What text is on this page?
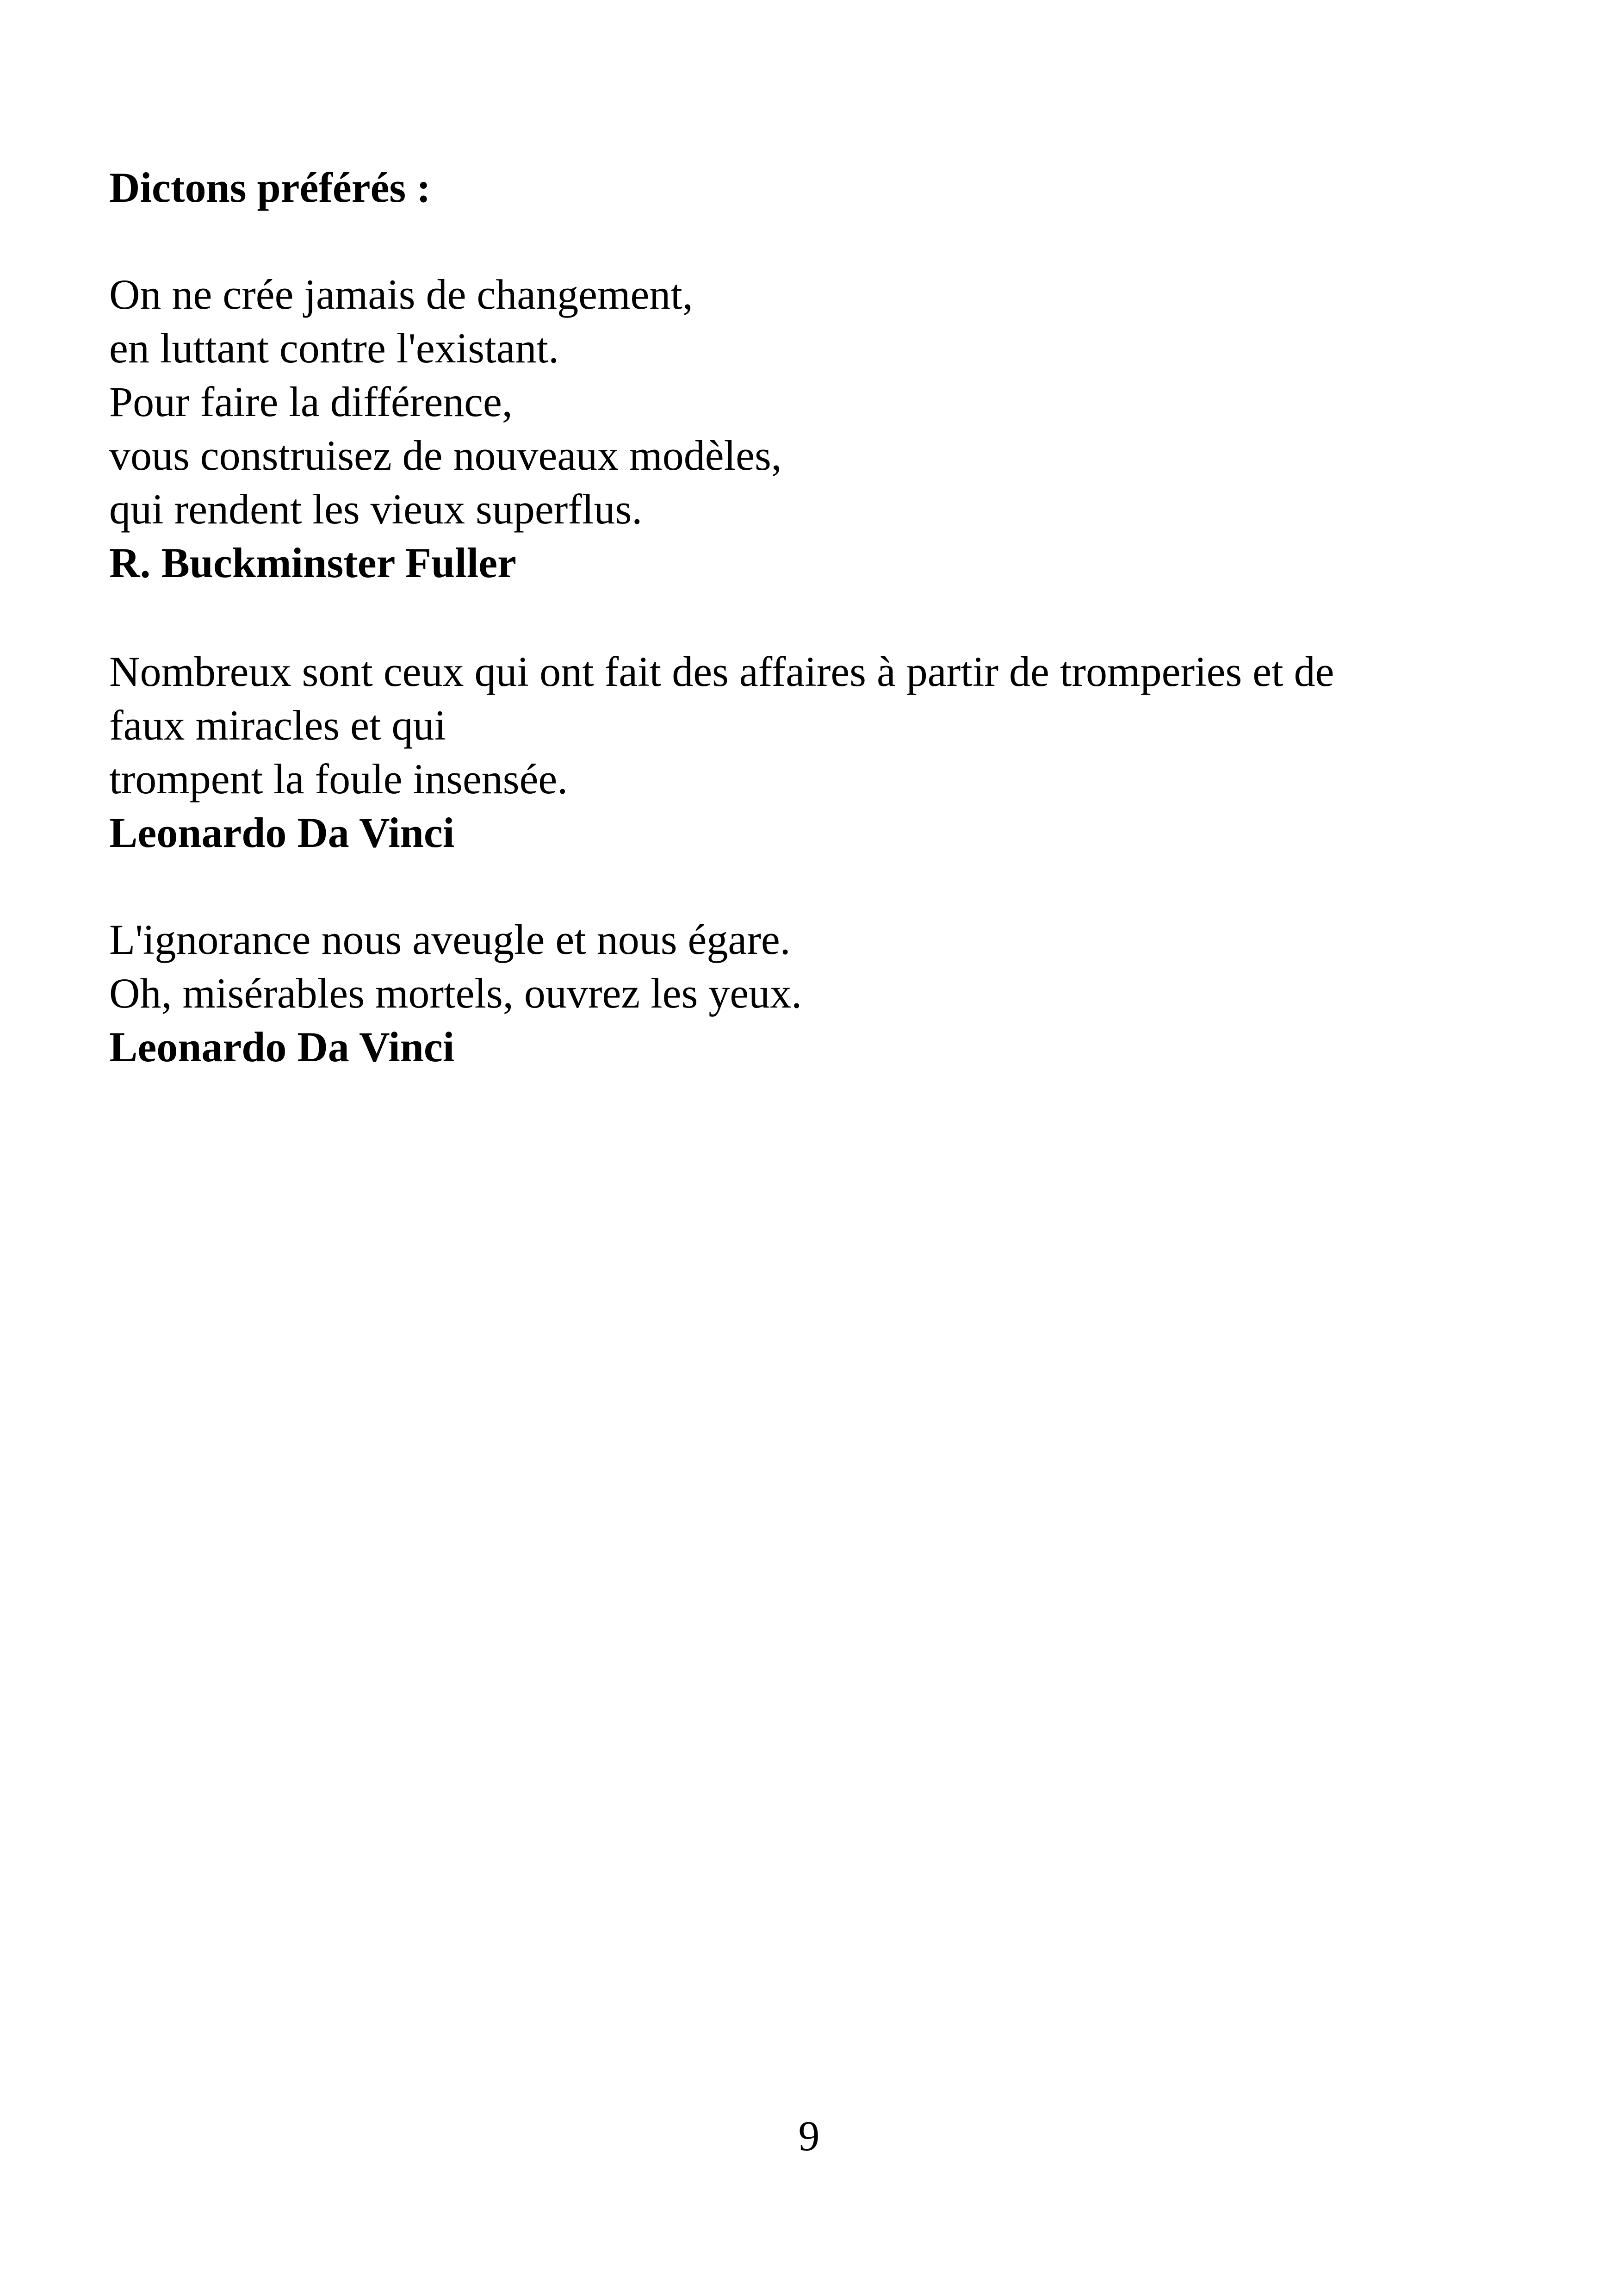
Dictons préférés :
On ne crée jamais de changement,
en luttant contre l'existant.
Pour faire la différence,
vous construisez de nouveaux modèles,
qui rendent les vieux superflus.
R. Buckminster Fuller
Nombreux sont ceux qui ont fait des affaires à partir de tromperies et de
faux miracles et qui
trompent la foule insensée.
Leonardo Da Vinci
L'ignorance nous aveugle et nous égare.
Oh, misérables mortels, ouvrez les yeux.
Leonardo Da Vinci
9
